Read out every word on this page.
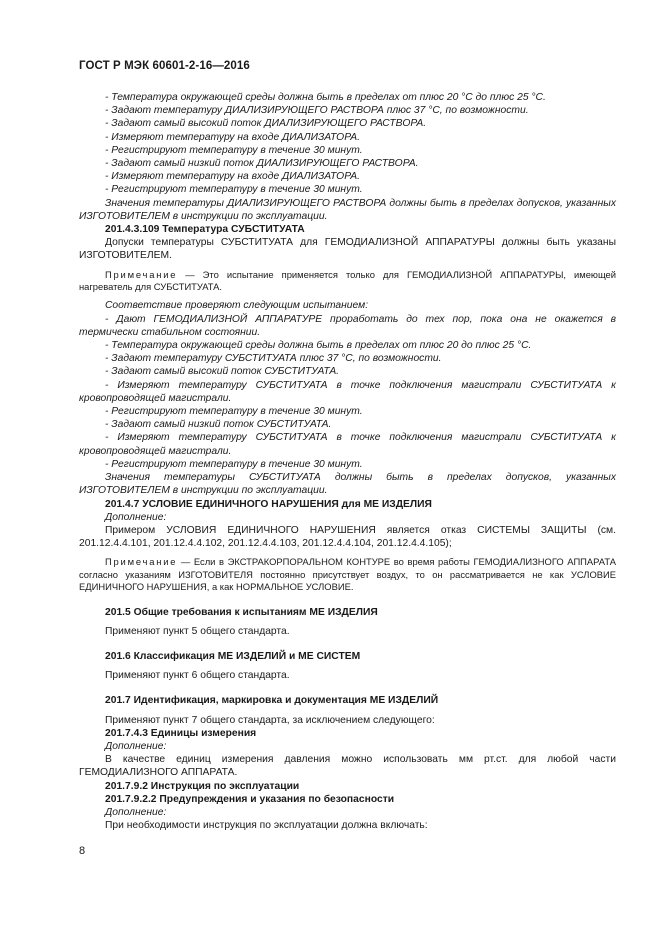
ГОСТ Р МЭК 60601-2-16—2016

- Температура окружающей среды должна быть в пределах от плюс 20 °С до плюс 25 °С.

- Задают температуру ДИАЛИЗИРУЮЩЕГО РАСТВОРА плюс 37 °С, по возможности.

- Задают самый высокий поток ДИАЛИЗИРУЮЩЕГО РАСТВОРА.

- Измеряют температуру на входе ДИАЛИЗАТОРА.

- Регистрируют температуру в течение 30 минут.

- Задают самый низкий поток ДИАЛИЗИРУЮЩЕГО РАСТВОРА.

- Измеряют температуру на входе ДИАЛИЗАТОРА.

- Регистрируют температуру в течение 30 минут.

Значения температуры ДИАЛИЗИРУЮЩЕГО РАСТВОРА должны быть в пределах допусков, указанных ИЗГОТОВИТЕЛЕМ в инструкции по эксплуатации.

201.4.3.109 Температура СУБСТИТУАТА

Допуски температуры СУБСТИТУАТА для ГЕМОДИАЛИЗНОЙ АППАРАТУРЫ должны быть указаны ИЗГОТОВИТЕЛЕМ.

Примечание — Это испытание применяется только для ГЕМОДИАЛИЗНОЙ АППАРАТУРЫ, имеющей нагреватель для СУБСТИТУАТА.

Соответствие проверяют следующим испытанием:

- Дают ГЕМОДИАЛИЗНОЙ АППАРАТУРЕ проработать до тех пор, пока она не окажется в термически стабильном состоянии.

- Температура окружающей среды должна быть в пределах от плюс 20 до плюс 25 °С.

- Задают температуру СУБСТИТУАТА плюс 37 °С, по возможности.

- Задают самый высокий поток СУБСТИТУАТА.

- Измеряют температуру СУБСТИТУАТА в точке подключения магистрали СУБСТИТУАТА к кровопроводящей магистрали.

- Регистрируют температуру в течение 30 минут.

- Задают самый низкий поток СУБСТИТУАТА.

- Измеряют температуру СУБСТИТУАТА в точке подключения магистрали СУБСТИТУАТА к кровопроводящей магистрали.

- Регистрируют температуру в течение 30 минут.

Значения температуры СУБСТИТУАТА должны быть в пределах допусков, указанных ИЗГОТОВИТЕЛЕМ в инструкции по эксплуатации.

201.4.7 УСЛОВИЕ ЕДИНИЧНОГО НАРУШЕНИЯ для МЕ ИЗДЕЛИЯ

Дополнение:

Примером УСЛОВИЯ ЕДИНИЧНОГО НАРУШЕНИЯ является отказ СИСТЕМЫ ЗАЩИТЫ (см. 201.12.4.4.101, 201.12.4.4.102, 201.12.4.4.103, 201.12.4.4.104, 201.12.4.4.105);

Примечание — Если в ЭКСТРАКОРПОРАЛЬНОМ КОНТУРЕ во время работы ГЕМОДИАЛИЗНОГО АППАРАТА согласно указаниям ИЗГОТОВИТЕЛЯ постоянно присутствует воздух, то он рассматривается не как УСЛОВИЕ ЕДИНИЧНОГО НАРУШЕНИЯ, а как НОРМАЛЬНОЕ УСЛОВИЕ.

201.5 Общие требования к испытаниям МЕ ИЗДЕЛИЯ

Применяют пункт 5 общего стандарта.

201.6 Классификация МЕ ИЗДЕЛИЙ и МЕ СИСТЕМ

Применяют пункт 6 общего стандарта.

201.7 Идентификация, маркировка и документация МЕ ИЗДЕЛИЙ

Применяют пункт 7 общего стандарта, за исключением следующего:

201.7.4.3 Единицы измерения

Дополнение:

В качестве единиц измерения давления можно использовать мм рт.ст. для любой части ГЕМОДИАЛИЗНОГО АППАРАТА.

201.7.9.2 Инструкция по эксплуатации

201.7.9.2.2 Предупреждения и указания по безопасности

Дополнение:

При необходимости инструкция по эксплуатации должна включать:

8
